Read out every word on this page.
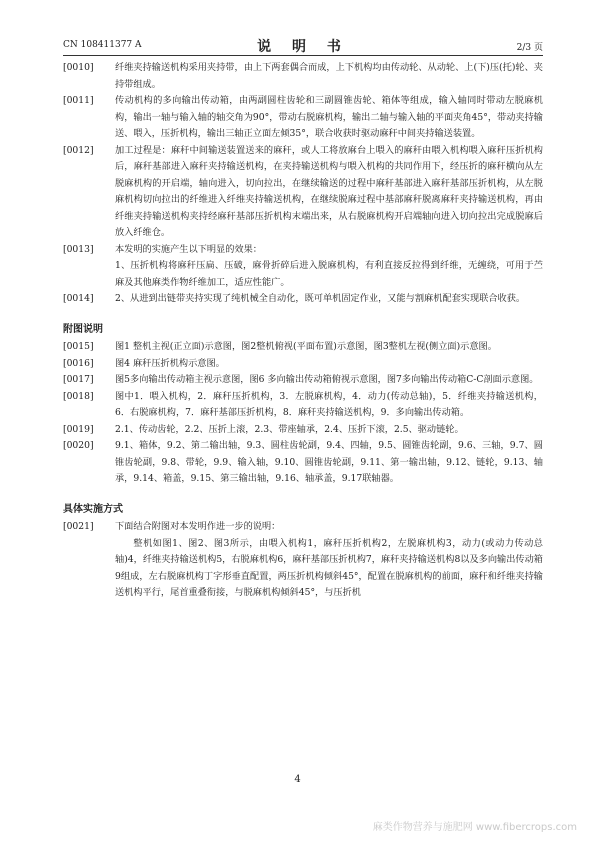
CN 108411377 A	说 明 书	2/3 页
[0010] 纤维夹持输送机构采用夹持带，由上下两套偶合而成，上下机构均由传动轮、从动轮、上(下)压(托)轮、夹持带组成。
[0011] 传动机构的多向输出传动箱，由两副圆柱齿轮和三副圆锥齿轮、箱体等组成，输入轴同时带动左脱麻机构，输出一轴与输入轴的轴交角为90°，带动右脱麻机构，输出二轴与输入轴的平面夹角45°，带动夹持输送、喂入，压折机构，输出三轴正立面左倾35°，联合收获时驱动麻秆中间夹持输送装置。
[0012] 加工过程是：麻秆中间输送装置送来的麻秆，或人工将放麻台上喂入的麻秆由喂入机构喂入麻秆压折机构后，麻秆基部进入麻秆夹持输送机构，在夹持输送机构与喂入机构的共同作用下，经压折的麻秆横向从左脱麻机构的开启端，轴向进入，切向拉出，在继续输送的过程中麻秆基部进入麻秆基部压折机构，从左脱麻机构切向拉出的纤维进入纤维夹持输送机构，在继续脱麻过程中基部麻秆脱离麻秆夹持输送机构，再由纤维夹持输送机构夹持经麻秆基部压折机构末端出来，从右脱麻机构开启端轴向进入切向拉出完成脱麻后放入纤维仓。
[0013] 本发明的实施产生以下明显的效果：
1、压折机构将麻秆压扁、压破，麻骨折碎后进入脱麻机构，有利直接反拉得到纤维，无缠绕，可用于苎麻及其他麻类作物纤维加工，适应性能广。
[0014] 2、从进到出链带夹持实现了纯机械全自动化，既可单机固定作业，又能与割麻机配套实现联合收获。
附图说明
[0015] 图1 整机主视(正立面)示意图，图2整机俯视(平面布置)示意图，图3整机左视(侧立面)示意图。
[0016] 图4 麻秆压折机构示意图。
[0017] 图5多向输出传动箱主视示意图，图6 多向输出传动箱俯视示意图，图7多向输出传动箱C-C剖面示意图。
[0018] 图中1．喂入机构，2．麻秆压折机构，3．左脱麻机构，4．动力(传动总轴)，5．纤维夹持输送机构，6．右脱麻机构，7．麻秆基部压折机构，8．麻秆夹持输送机构，9．多向输出传动箱。
[0019] 2.1、传动齿轮，2.2、压折上滚，2.3、带座轴承，2.4、压折下滚，2.5、驱动链轮。
[0020] 9.1、箱体，9.2、第二输出轴，9.3、圆柱齿轮副，9.4、四轴，9.5、圆锥齿轮副，9.6、三轴，9.7、圆锥齿轮副，9.8、带轮，9.9、输入轴，9.10、圆锥齿轮副，9.11、第一输出轴，9.12、链轮，9.13、轴承，9.14、箱盖，9.15、第三输出轴，9.16、轴承盖，9.17联轴器。
具体实施方式
[0021] 下面结合附图对本发明作进一步的说明：
整机如图1、图2、图3所示，由喂入机构1，麻秆压折机构2，左脱麻机构3，动力(或动力传动总轴)4，纤维夹持输送机构5，右脱麻机构6，麻秆基部压折机构7，麻秆夹持输送机构8以及多向输出传动箱9组成，左右脱麻机构丁字形垂直配置，两压折机构倾斜45°，配置在脱麻机构的前面，麻秆和纤维夹持输送机构平行，尾首重叠衔接，与脱麻机构倾斜45°，与压折机
4
麻类作物营养与施肥网 www.fibercrops.com
